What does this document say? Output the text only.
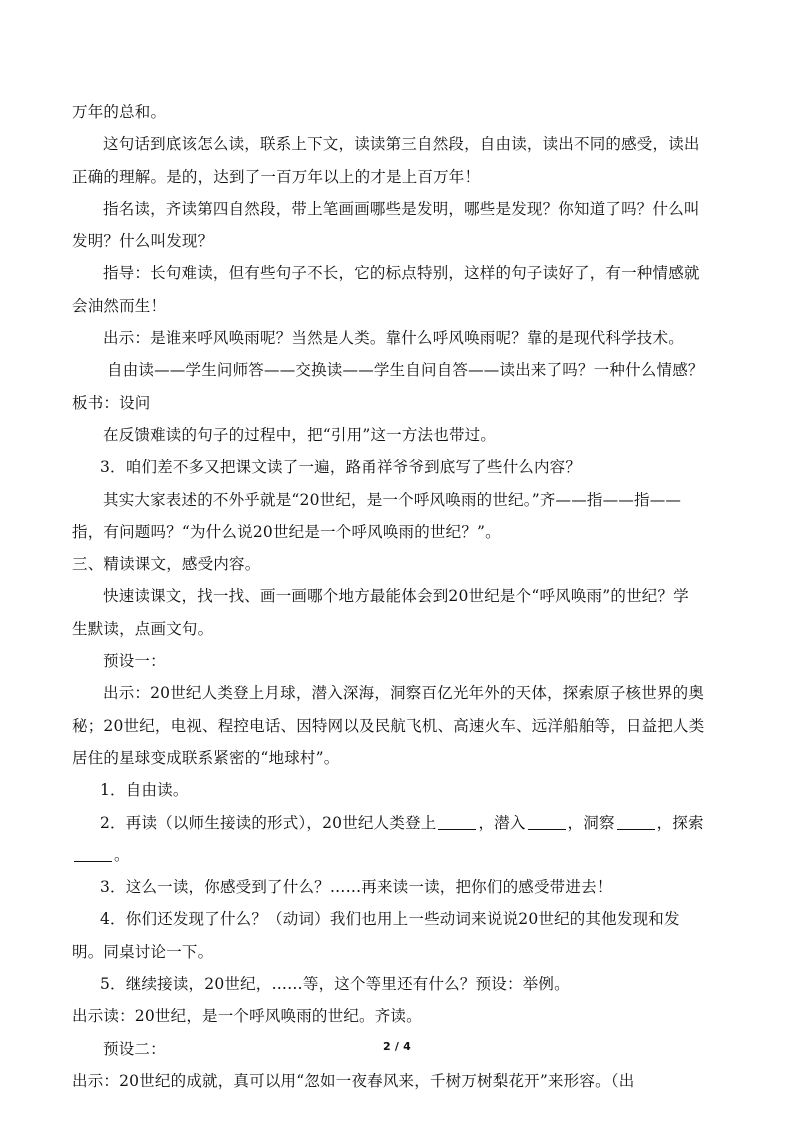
万年的总和。
这句话到底该怎么读，联系上下文，读读第三自然段，自由读，读出不同的感受，读出
正确的理解。是的，达到了一百万年以上的才是上百万年！
指名读，齐读第四自然段，带上笔画画哪些是发明，哪些是发现？你知道了吗？什么叫
发明？什么叫发现？
指导：长句难读，但有些句子不长，它的标点特别，这样的句子读好了，有一种情感就
会油然而生！
出示：是谁来呼风唤雨呢？当然是人类。靠什么呼风唤雨呢？靠的是现代科学技术。
自由读——学生问师答——交换读——学生自问自答——读出来了吗？一种什么情感？
板书：设问
在反馈难读的句子的过程中，把“引用”这一方法也带过。
3．咱们差不多又把课文读了一遍，路甬祥爷爷到底写了些什么内容？
其实大家表述的不外乎就是“20世纪，是一个呼风唤雨的世纪。”齐——指——指——
指，有问题吗？“为什么说20世纪是一个呼风唤雨的世纪？”。
三、精读课文，感受内容。
快速读课文，找一找、画一画哪个地方最能体会到20世纪是个“呼风唤雨”的世纪？学
生默读，点画文句。
预设一：
出示：20世纪人类登上月球，潜入深海，洞察百亿光年外的天体，探索原子核世界的奥
秘；20世纪，电视、程控电话、因特网以及民航飞机、高速火车、远洋船舶等，日益把人类
居住的星球变成联系紧密的“地球村”。
1．自由读。
2．再读（以师生接读的形式），20世纪人类登上	，潜入	，洞察	，探索
。
3．这么一读，你感受到了什么？……再来读一读，把你们的感受带进去！
4．你们还发现了什么？（动词）我们也用上一些动词来说说20世纪的其他发现和发
明。同桌讨论一下。
5．继续接读，20世纪，……等，这个等里还有什么？预设：举例。
出示读：20世纪，是一个呼风唤雨的世纪。齐读。
预设二：
出示：20世纪的成就，真可以用“忽如一夜春风来，千树万树梨花开”来形容。（出
2 / 4
